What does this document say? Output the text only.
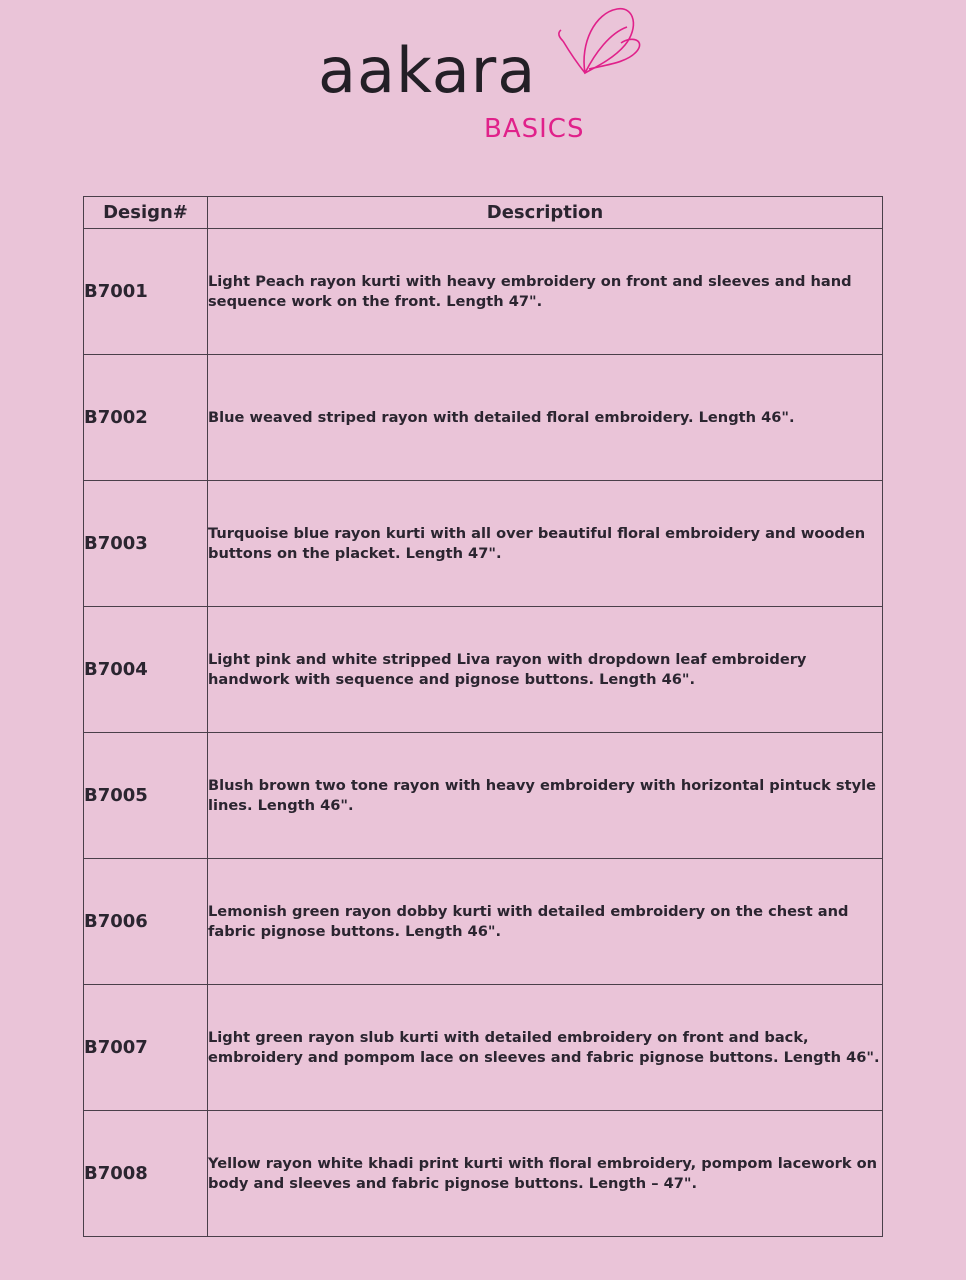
aakara
BASICS
Design#	Description
B7001	Light Peach rayon kurti with heavy embroidery on front and sleeves and hand sequence work on the front. Length 47".
B7002	Blue weaved striped rayon with detailed floral embroidery. Length 46".
B7003	Turquoise blue rayon kurti with all over beautiful floral embroidery and wooden buttons on the placket. Length 47".
B7004	Light pink and white stripped Liva rayon with dropdown leaf embroidery handwork with sequence and pignose buttons. Length 46".
B7005	Blush brown two tone rayon with heavy embroidery with horizontal pintuck style lines. Length 46".
B7006	Lemonish green rayon dobby kurti with detailed embroidery on the chest and fabric pignose buttons. Length 46".
B7007	Light green rayon slub kurti with detailed embroidery on front and back, embroidery and pompom lace on sleeves and fabric pignose buttons. Length 46".
B7008	Yellow rayon white khadi print kurti with floral embroidery, pompom lacework on body and sleeves and fabric pignose buttons. Length – 47".
